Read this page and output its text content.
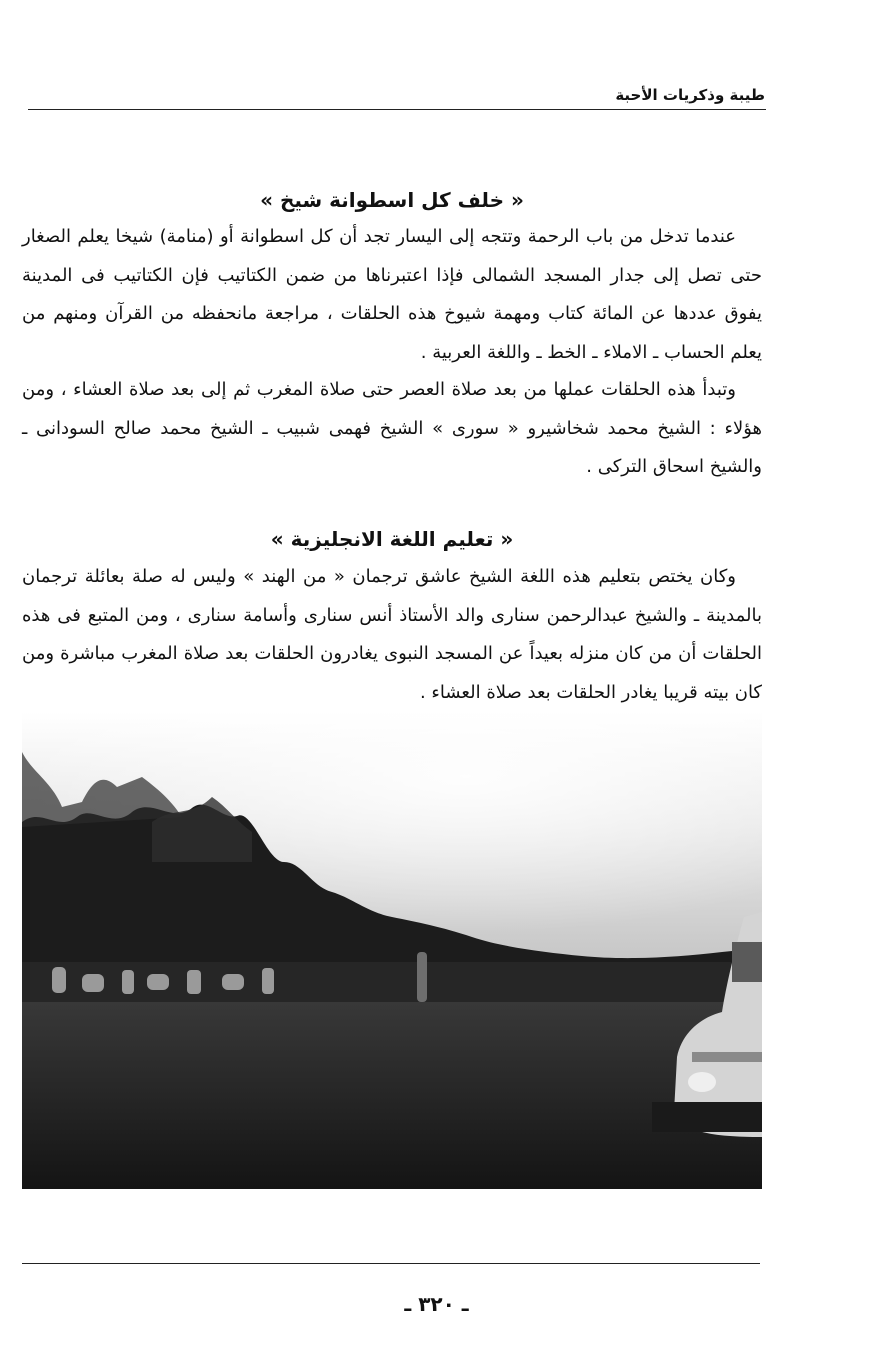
طيبة وذكريات الأحبة
« خلف كل اسطوانة شيخ »

عندما تدخل من باب الرحمة وتتجه إلى اليسار تجد أن كل اسطوانة أو (منامة) شيخا يعلم الصغار حتى تصل إلى جدار المسجد الشمالى فإذا اعتبرناها من ضمن الكتاتيب فإن الكتاتيب فى المدينة يفوق عددها عن المائة كتاب ومهمة شيوخ هذه الحلقات ، مراجعة مانحفظه من القرآن ومنهم من يعلم الحساب ـ الاملاء ـ الخط ـ واللغة العربية .

وتبدأ هذه الحلقات عملها من بعد صلاة العصر حتى صلاة المغرب ثم إلى بعد صلاة العشاء ، ومن هؤلاء : الشيخ محمد شخاشيرو « سورى » الشيخ فهمى شبيب ـ الشيخ محمد صالح السودانى ـ والشيخ اسحاق التركى .

« تعليم اللغة الانجليزية »

وكان يختص بتعليم هذه اللغة الشيخ عاشق ترجمان « من الهند » وليس له صلة بعائلة ترجمان بالمدينة ـ والشيخ عبدالرحمن سنارى والد الأستاذ أنس سنارى وأسامة سنارى ، ومن المتبع فى هذه الحلقات أن من كان منزله بعيداً عن المسجد النبوى يغادرون الحلقات بعد صلاة المغرب مباشرة ومن كان بيته قريبا يغادر الحلقات بعد صلاة العشاء .

ـ ٣٢٠ ـ
